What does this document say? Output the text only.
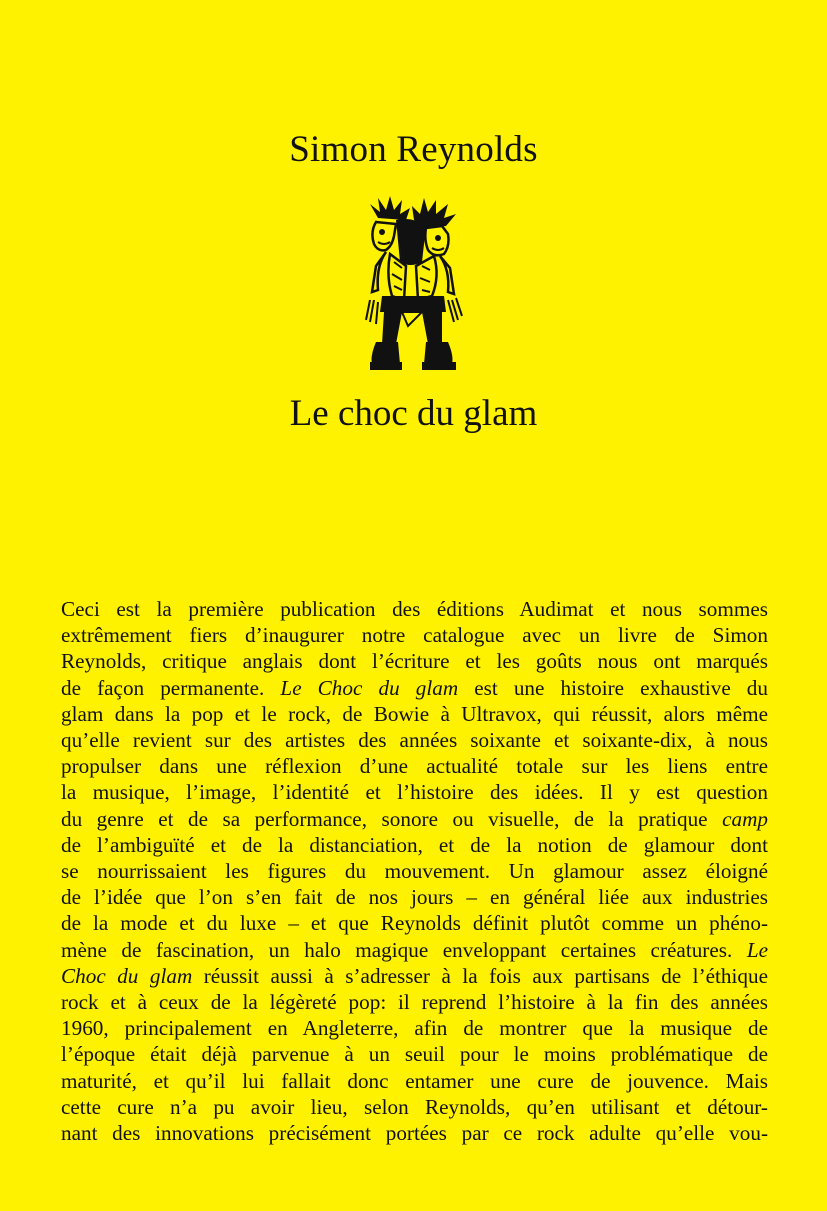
Simon Reynolds
Le choc du glam
Ceci est la première publication des éditions Audimat et nous sommes
extrêmement fiers d’inaugurer notre catalogue avec un livre de Simon
Reynolds, critique anglais dont l’écriture et les goûts nous ont marqués
de façon permanente. Le Choc du glam est une histoire exhaustive du
glam dans la pop et le rock, de Bowie à Ultravox, qui réussit, alors même
qu’elle revient sur des artistes des années soixante et soixante-dix, à nous
propulser dans une réflexion d’une actualité totale sur les liens entre
la musique, l’image, l’identité et l’histoire des idées. Il y est question
du genre et de sa performance, sonore ou visuelle, de la pratique camp
de l’ambiguïté et de la distanciation, et de la notion de glamour dont
se nourrissaient les figures du mouvement. Un glamour assez éloigné
de l’idée que l’on s’en fait de nos jours – en général liée aux industries
de la mode et du luxe – et que Reynolds définit plutôt comme un phéno-
mène de fascination, un halo magique enveloppant certaines créatures. Le
Choc du glam réussit aussi à s’adresser à la fois aux partisans de l’éthique
rock et à ceux de la légèreté pop: il reprend l’histoire à la fin des années
1960, principalement en Angleterre, afin de montrer que la musique de
l’époque était déjà parvenue à un seuil pour le moins problématique de
maturité, et qu’il lui fallait donc entamer une cure de jouvence. Mais
cette cure n’a pu avoir lieu, selon Reynolds, qu’en utilisant et détour-
nant des innovations précisément portées par ce rock adulte qu’elle vou-
